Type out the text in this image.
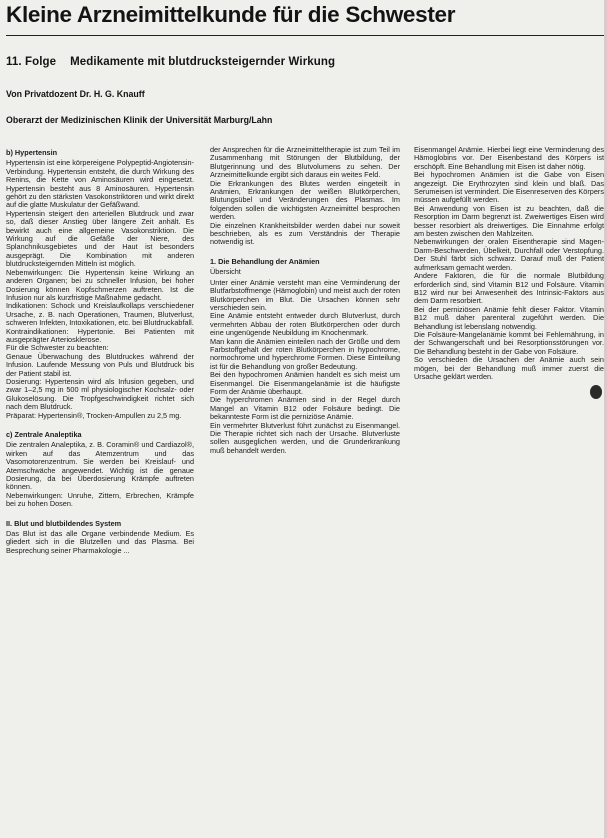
Kleine Arzneimittelkunde für die Schwester
11. Folge Medikamente mit blutdrucksteigernder Wirkung
Von Privatdozent Dr. H. G. Knauff
Oberarzt der Medizinischen Klinik der Universität Marburg/Lahn

b) Hypertensin

Hypertensin ist eine körpereigene Polypeptid-Angiotensin-Verbindung. Hypertensin entsteht, die durch Wirkung des Renins, die Kette von Aminosäuren wird eingesetzt. Hypertensin besteht aus 8 Aminosäuren. Hypertensin gehört zu den stärksten Vasokonstriktoren und wirkt direkt auf die glatte Muskulatur der Gefäßwand.

Hypertensin steigert den arteriellen Blutdruck und zwar so, daß dieser Anstieg über längere Zeit anhält. Es bewirkt auch eine allgemeine Vasokonstriktion. Die Wirkung auf die Gefäße der Niere, des Splanchnikusgebietes und der Haut ist besonders ausgeprägt. Die Kombination mit anderen blutdrucksteigernden Mitteln ist möglich.

Nebenwirkungen: Die Hypertensin keine Wirkung an anderen Organen; bei zu schneller Infusion, bei hoher Dosierung können Kopfschmerzen auftreten. Ist die Infusion nur als kurzfristige Maßnahme gedacht.

Indikationen: Schock und Kreislaufkollaps verschiedener Ursache, z. B. nach Operationen, Traumen, Blutverlust, schweren Infekten, Intoxikationen, etc. bei Blutdruckabfall.

Kontraindikationen: Hypertonie. Bei Patienten mit ausgeprägter Arteriosklerose.

Für die Schwester zu beachten:

Genaue Überwachung des Blutdruckes während der Infusion. Laufende Messung von Puls und Blutdruck bis der Patient stabil ist.

Dosierung: Hypertensin wird als Infusion gegeben, und zwar 1–2,5 mg in 500 ml physiologischer Kochsalz- oder Glukoselösung. Die Tropfgeschwindigkeit richtet sich nach dem Blutdruck.

Präparat: Hypertensin®, Trocken-Ampullen zu 2,5 mg.

c) Zentrale Analeptika

Die zentralen Analeptika, z. B. Coramin® und Cardiazol®, wirken auf das Atemzentrum und das Vasomotorenzentrum. Sie werden bei Kreislauf- und Atemschwäche angewendet. Wichtig ist die genaue Dosierung, da bei Überdosierung Krämpfe auftreten können.

Nebenwirkungen: Unruhe, Zittern, Erbrechen, Krämpfe bei zu hohen Dosen.

II. Blut und blutbildendes System

Das Blut ist das alle Organe verbindende Medium. Es gliedert sich in die Blutzellen und das Plasma. Bei Besprechung seiner Pharmakologie ...

der Ansprechen für die Arzneimitteltherapie ist zum Teil im Zusammenhang mit Störungen der Blutbildung, der Blutgerinnung und des Blutvolumens zu sehen. Der Arzneimittelkunde ergibt sich daraus ein weites Feld.

Die Erkrankungen des Blutes werden eingeteilt in Anämien, Erkrankungen der weißen Blutkörperchen, Blutungsübel und Veränderungen des Plasmas. Im folgenden sollen die wichtigsten Arzneimittel besprochen werden.

Die einzelnen Krankheitsbilder werden dabei nur soweit beschrieben, als es zum Verständnis der Therapie notwendig ist.

1. Die Behandlung der Anämien

Übersicht

Unter einer Anämie versteht man eine Verminderung der Blutfarbstoffmenge (Hämoglobin) und meist auch der roten Blutkörperchen im Blut. Die Ursachen können sehr verschieden sein.

Eine Anämie entsteht entweder durch Blutverlust, durch vermehrten Abbau der roten Blutkörperchen oder durch eine ungenügende Neubildung im Knochenmark.

Man kann die Anämien einteilen nach der Größe und dem Farbstoffgehalt der roten Blutkörperchen in hypochrome, normochrome und hyperchrome Formen. Diese Einteilung ist für die Behandlung von großer Bedeutung.

Bei den hypochromen Anämien handelt es sich meist um Eisenmangel. Die Eisenmangelanämie ist die häufigste Form der Anämie überhaupt.

Die hyperchromen Anämien sind in der Regel durch Mangel an Vitamin B12 oder Folsäure bedingt. Die bekannteste Form ist die perniziöse Anämie.

Ein vermehrter Blutverlust führt zunächst zu Eisenmangel. Die Therapie richtet sich nach der Ursache. Blutverluste sollen ausgeglichen werden, und die Grunderkrankung muß behandelt werden.

Eisenmangel Anämie. Hierbei liegt eine Verminderung des Hämoglobins vor. Der Eisenbestand des Körpers ist erschöpft. Eine Behandlung mit Eisen ist daher nötig.

Bei hypochromen Anämien ist die Gabe von Eisen angezeigt. Die Erythrozyten sind klein und blaß. Das Serumeisen ist vermindert. Die Eisenreserven des Körpers müssen aufgefüllt werden.

Bei Anwendung von Eisen ist zu beachten, daß die Resorption im Darm begrenzt ist. Zweiwertiges Eisen wird besser resorbiert als dreiwertiges. Die Einnahme erfolgt am besten zwischen den Mahlzeiten.

Nebenwirkungen der oralen Eisentherapie sind Magen-Darm-Beschwerden, Übelkeit, Durchfall oder Verstopfung. Der Stuhl färbt sich schwarz. Darauf muß der Patient aufmerksam gemacht werden.

Andere Faktoren, die für die normale Blutbildung erforderlich sind, sind Vitamin B12 und Folsäure. Vitamin B12 wird nur bei Anwesenheit des Intrinsic-Faktors aus dem Darm resorbiert.

Bei der perniziösen Anämie fehlt dieser Faktor. Vitamin B12 muß daher parenteral zugeführt werden. Die Behandlung ist lebenslang notwendig.

Die Folsäure-Mangelanämie kommt bei Fehlernährung, in der Schwangerschaft und bei Resorptionsstörungen vor. Die Behandlung besteht in der Gabe von Folsäure.

So verschieden die Ursachen der Anämie auch sein mögen, bei der Behandlung muß immer zuerst die Ursache geklärt werden.
